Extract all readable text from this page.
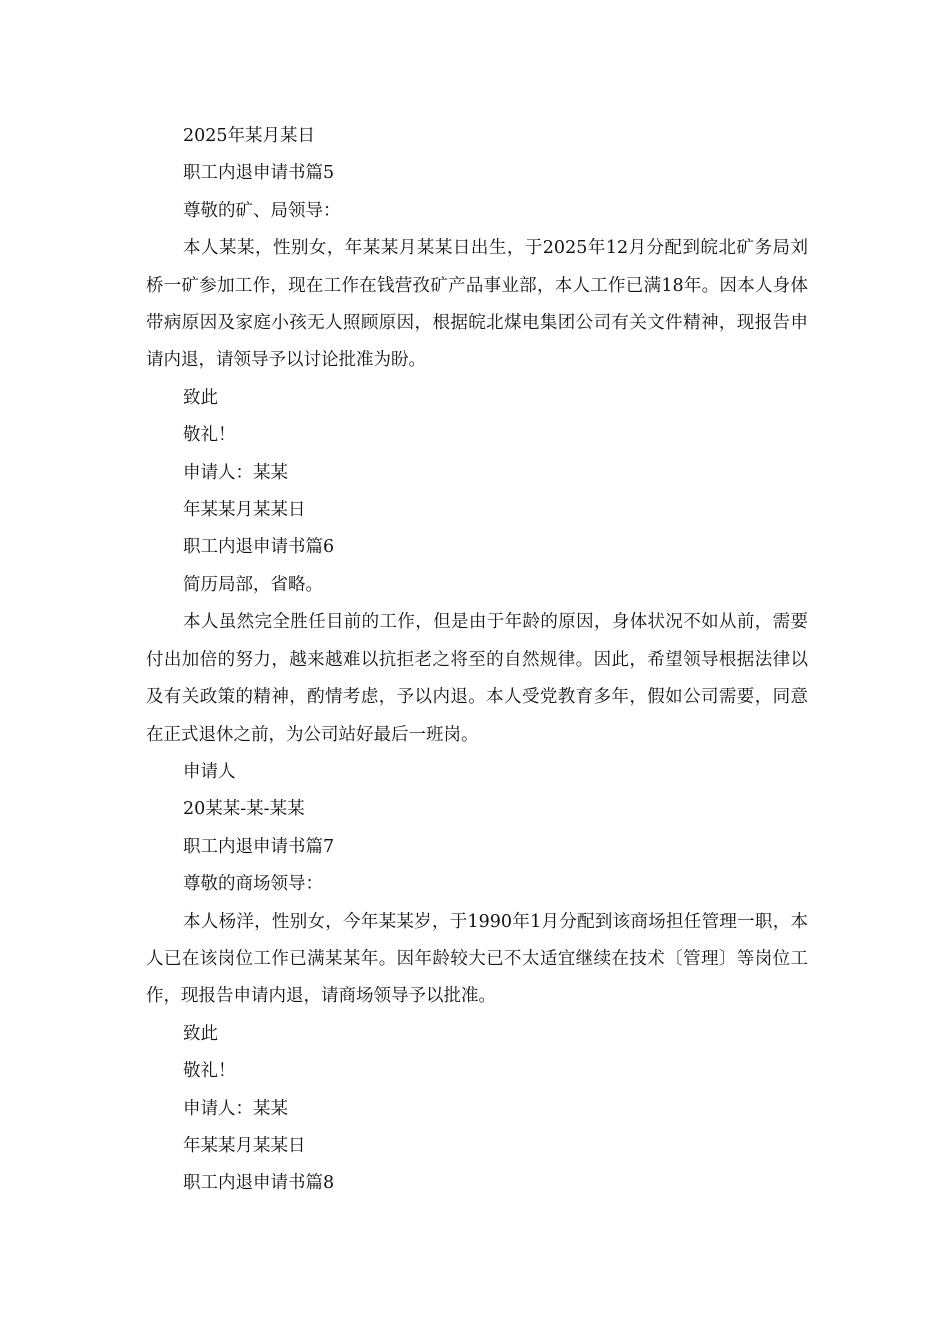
2025年某月某日

职工内退申请书篇5

尊敬的矿、局领导：

本人某某，性别女，年某某月某某日出生，于2025年12月分配到皖北矿务局刘桥一矿参加工作，现在工作在钱营孜矿产品事业部，本人工作已满18年。因本人身体带病原因及家庭小孩无人照顾原因，根据皖北煤电集团公司有关文件精神，现报告申请内退，请领导予以讨论批准为盼。

致此

敬礼！

申请人：某某

年某某月某某日

职工内退申请书篇6

简历局部，省略。

本人虽然完全胜任目前的工作，但是由于年龄的原因，身体状况不如从前，需要付出加倍的努力，越来越难以抗拒老之将至的自然规律。因此，希望领导根据法律以及有关政策的精神，酌情考虑，予以内退。本人受党教育多年，假如公司需要，同意在正式退休之前，为公司站好最后一班岗。

申请人

20某某-某-某某

职工内退申请书篇7

尊敬的商场领导：

本人杨洋，性别女，今年某某岁，于1990年1月分配到该商场担任管理一职，本人已在该岗位工作已满某某年。因年龄较大已不太适宜继续在技术〔管理〕等岗位工作，现报告申请内退，请商场领导予以批准。

致此

敬礼！

申请人：某某

年某某月某某日

职工内退申请书篇8
